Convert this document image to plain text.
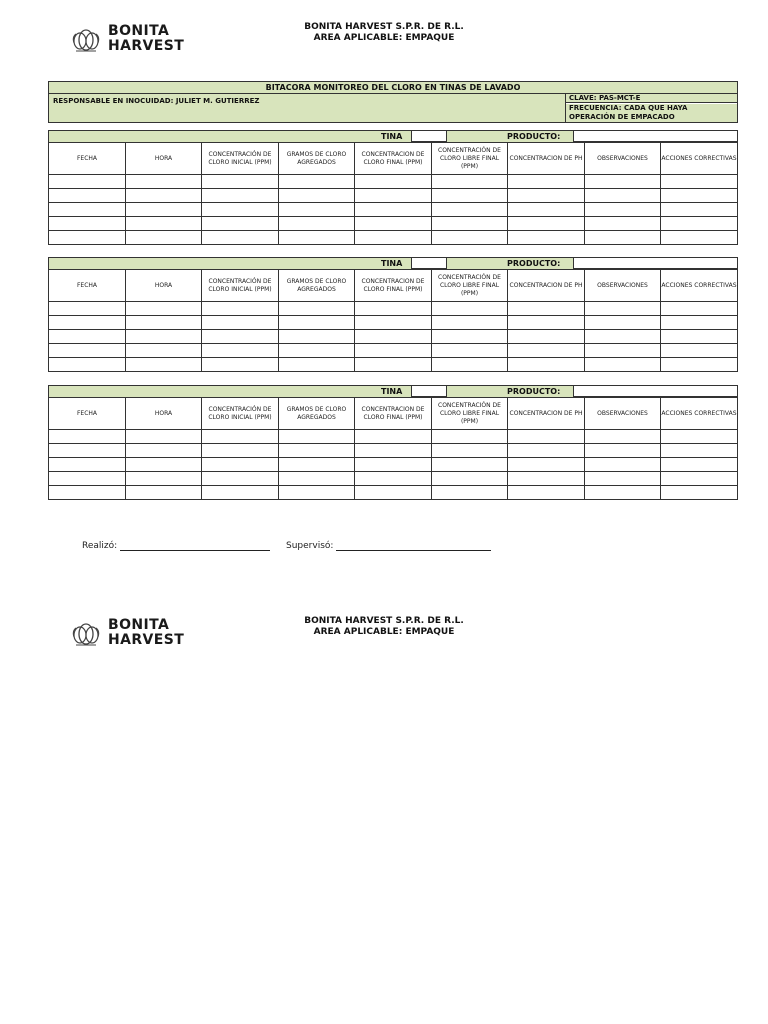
BONITA
HARVEST
BONITA HARVEST S.P.R. DE R.L.
AREA APLICABLE: EMPAQUE
BITACORA MONITOREO DEL CLORO EN TINAS DE LAVADO
RESPONSABLE EN INOCUIDAD: JULIET M. GUTIERREZ	CLAVE: PAS-MCT-E
FRECUENCIA: CADA QUE HAYA
OPERACIÓN DE EMPACADO
TINA	PRODUCTO:
FECHA	HORA	CONCENTRACIÓN DE CLORO INICIAL (PPM)	GRAMOS DE CLORO AGREGADOS	CONCENTRACION DE CLORO FINAL (PPM)	CONCENTRACIÓN DE CLORO LIBRE FINAL (PPM)	CONCENTRACION DE PH	OBSERVACIONES	ACCIONES CORRECTIVAS

TINA	PRODUCTO:
FECHA	HORA	CONCENTRACIÓN DE CLORO INICIAL (PPM)	GRAMOS DE CLORO AGREGADOS	CONCENTRACION DE CLORO FINAL (PPM)	CONCENTRACIÓN DE CLORO LIBRE FINAL (PPM)	CONCENTRACION DE PH	OBSERVACIONES	ACCIONES CORRECTIVAS

TINA	PRODUCTO:
FECHA	HORA	CONCENTRACIÓN DE CLORO INICIAL (PPM)	GRAMOS DE CLORO AGREGADOS	CONCENTRACION DE CLORO FINAL (PPM)	CONCENTRACIÓN DE CLORO LIBRE FINAL (PPM)	CONCENTRACION DE PH	OBSERVACIONES	ACCIONES CORRECTIVAS

Realizó:	Supervisó:
BONITA
HARVEST
BONITA HARVEST S.P.R. DE R.L.
AREA APLICABLE: EMPAQUE
